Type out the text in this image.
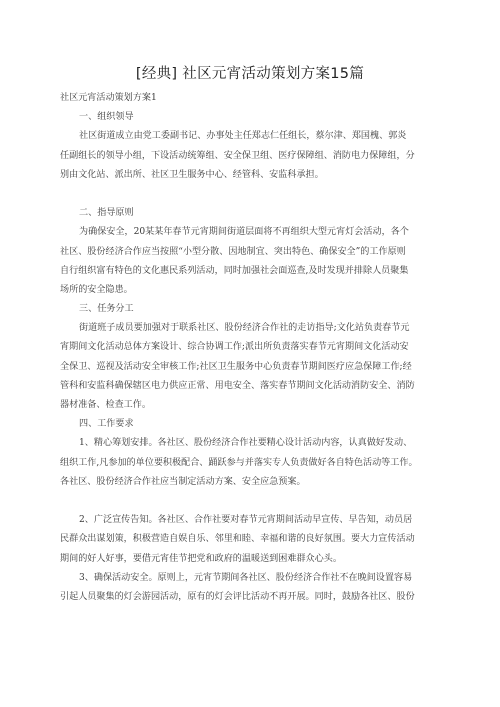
[经典] 社区元宵活动策划方案15篇
社区元宵活动策划方案1
一、组织领导
社区街道成立由党工委副书记、办事处主任郑志仁任组长，蔡尔津、郑国槐、郭炎
任副组长的领导小组，下设活动统筹组、安全保卫组、医疗保障组、消防电力保障组，分
别由文化站、派出所、社区卫生服务中心、经管科、安监科承担。
二、指导原则
为确保安全，20某某年春节元宵期间街道层面将不再组织大型元宵灯会活动，各个
社区、股份经济合作应当按照“小型分散、因地制宜、突出特色、确保安全”的工作原则
自行组织富有特色的文化惠民系列活动，同时加强社会面巡查,及时发现并排除人员聚集
场所的安全隐患。
三、任务分工
街道班子成员要加强对于联系社区、股份经济合作社的走访指导;文化站负责春节元
宵期间文化活动总体方案设计、综合协调工作;派出所负责落实春节元宵期间文化活动安
全保卫、巡视及活动安全审核工作;社区卫生服务中心负责春节期间医疗应急保障工作;经
管科和安监科确保辖区电力供应正常、用电安全、落实春节期间文化活动消防安全、消防
器材准备、检查工作。
四、工作要求
1、精心筹划安排。各社区、股份经济合作社要精心设计活动内容，认真做好发动、
组织工作,凡参加的单位要积极配合、踊跃参与并落实专人负责做好各自特色活动等工作。
各社区、股份经济合作社应当制定活动方案、安全应急预案。
2、广泛宣传告知。各社区、合作社要对春节元宵期间活动早宣传、早告知，动员居
民群众出谋划策，积极营造自娱自乐、邻里和睦、幸福和谐的良好氛围。要大力宣传活动
期间的好人好事，要借元宵佳节把党和政府的温暖送到困难群众心头。
3、确保活动安全。原则上，元宵节期间各社区、股份经济合作社不在晚间设置容易
引起人员聚集的灯会游园活动，原有的灯会评比活动不再开展。同时，鼓励各社区、股份
